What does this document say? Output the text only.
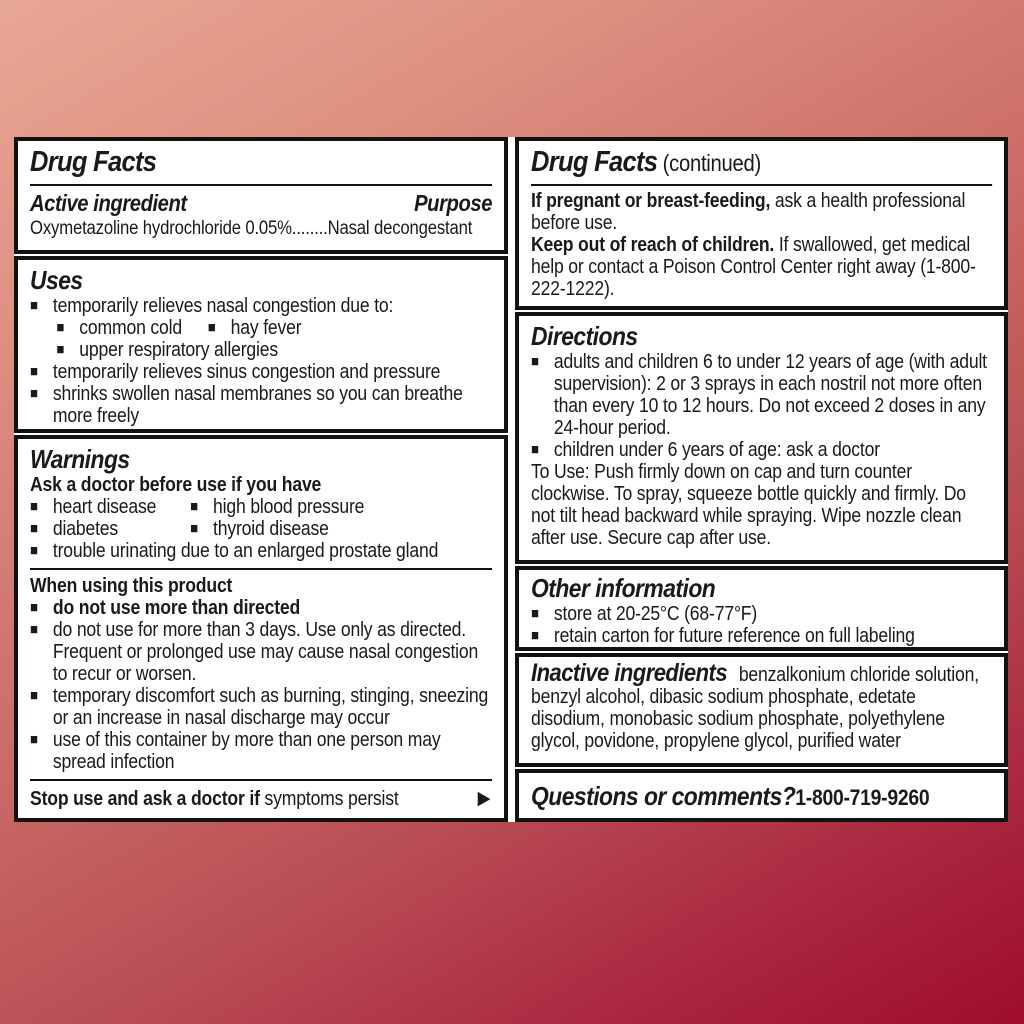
Drug Facts
Active ingredient	Purpose
Oxymetazoline hydrochloride 0.05%........Nasal decongestant
Uses
■ temporarily relieves nasal congestion due to:
■ common cold	■ hay fever
■ upper respiratory allergies
■ temporarily relieves sinus congestion and pressure
■ shrinks swollen nasal membranes so you can breathe more freely
Warnings

Ask a doctor before use if you have

■ heart disease	■ high blood pressure
■ diabetes	■ thyroid disease
■ trouble urinating due to an enlarged prostate gland

When using this product

■ do not use more than directed
■ do not use for more than 3 days. Use only as directed. Frequent or prolonged use may cause nasal congestion to recur or worsen.
■ temporary discomfort such as burning, stinging, sneezing or an increase in nasal discharge may occur
■ use of this container by more than one person may spread infection
Stop use and ask a doctor if symptoms persist	▶
Drug Facts (continued)

If pregnant or breast-feeding, ask a health professional before use.

Keep out of reach of children. If swallowed, get medical help or contact a Poison Control Center right away (1-800-222-1222).

Directions
■ adults and children 6 to under 12 years of age (with adult supervision): 2 or 3 sprays in each nostril not more often than every 10 to 12 hours. Do not exceed 2 doses in any 24-hour period.
■ children under 6 years of age: ask a doctor

To Use: Push firmly down on cap and turn counter clockwise. To spray, squeeze bottle quickly and firmly. Do not tilt head backward while spraying. Wipe nozzle clean after use. Secure cap after use.

Other information
■ store at 20-25°C (68-77°F)
■ retain carton for future reference on full labeling

Inactive ingredients benzalkonium chloride solution, benzyl alcohol, dibasic sodium phosphate, edetate disodium, monobasic sodium phosphate, polyethylene glycol, povidone, propylene glycol, purified water

Questions or comments? 1-800-719-9260
